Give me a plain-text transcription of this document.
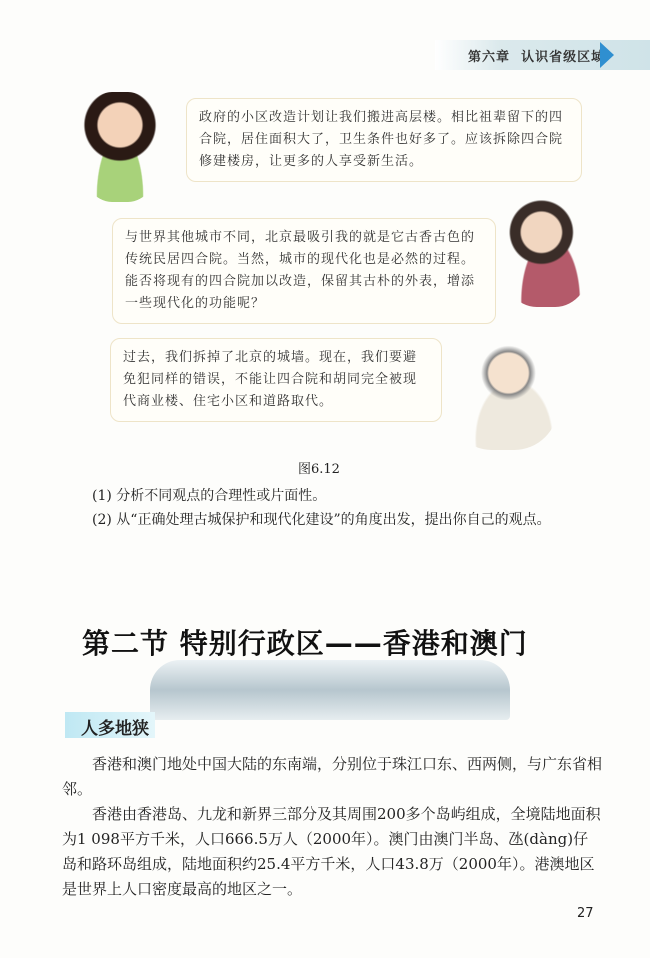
第六章 认识省级区域
政府的小区改造计划让我们搬进高层楼。相比祖辈留下的四合院，居住面积大了，卫生条件也好多了。应该拆除四合院修建楼房，让更多的人享受新生活。
与世界其他城市不同，北京最吸引我的就是它古香古色的传统民居四合院。当然，城市的现代化也是必然的过程。能否将现有的四合院加以改造，保留其古朴的外表，增添一些现代化的功能呢？
过去，我们拆掉了北京的城墙。现在，我们要避免犯同样的错误，不能让四合院和胡同完全被现代商业楼、住宅小区和道路取代。
图6.12
(1) 分析不同观点的合理性或片面性。
(2) 从“正确处理古城保护和现代化建设”的角度出发，提出你自己的观点。
第二节 特别行政区——香港和澳门
人多地狭
香港和澳门地处中国大陆的东南端，分别位于珠江口东、西两侧，与广东省相邻。
香港由香港岛、九龙和新界三部分及其周围200多个岛屿组成，全境陆地面积为1 098平方千米，人口666.5万人（2000年）。澳门由澳门半岛、氹(dàng)仔岛和路环岛组成，陆地面积约25.4平方千米，人口43.8万（2000年）。港澳地区是世界上人口密度最高的地区之一。
27
